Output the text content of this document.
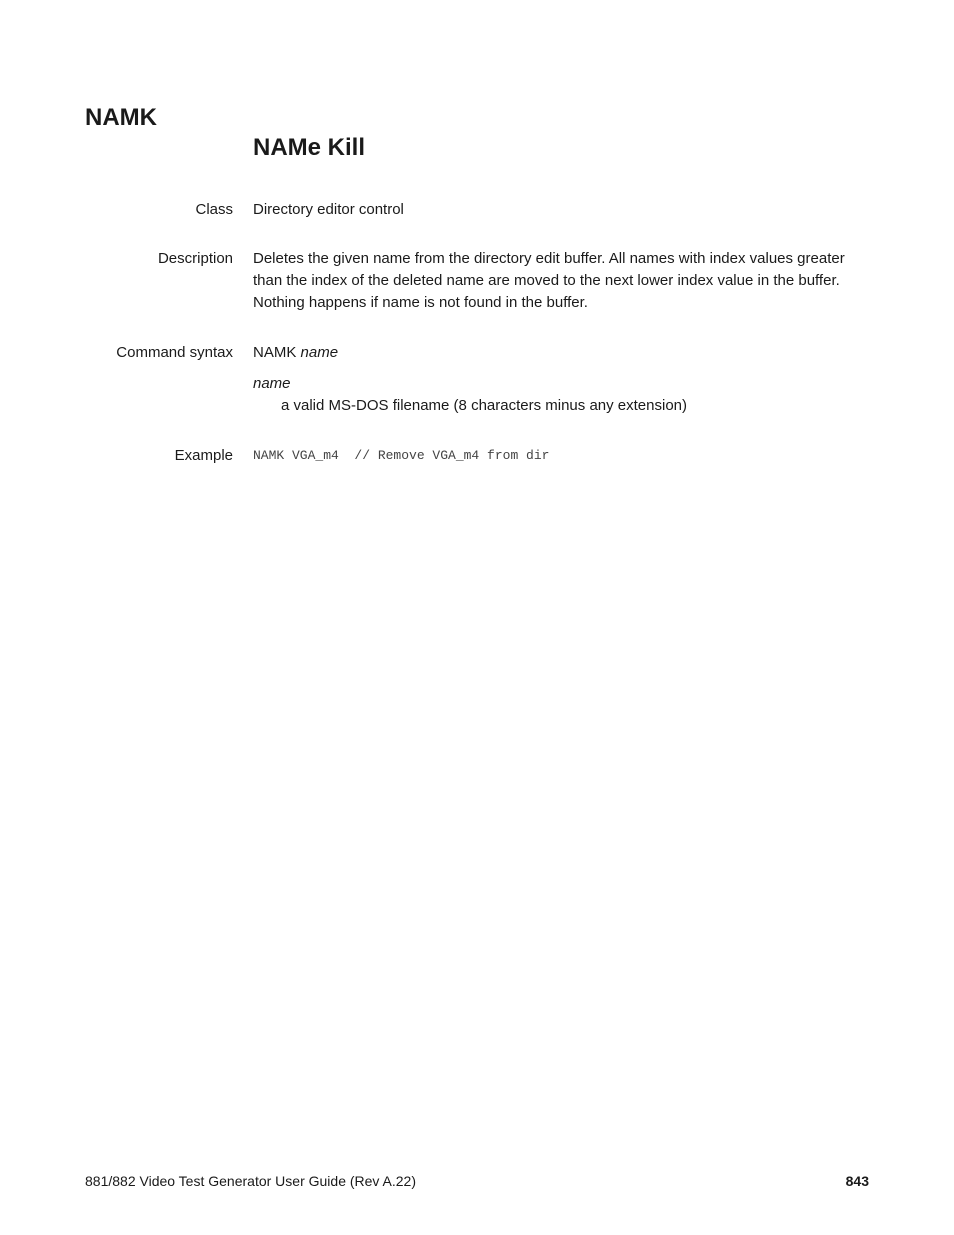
NAMK
NAMe Kill
Class Directory editor control
Description Deletes the given name from the directory edit buffer. All names with index values greater than the index of the deleted name are moved to the next lower index value in the buffer. Nothing happens if name is not found in the buffer.
Command syntax NAMK name
name
a valid MS-DOS filename (8 characters minus any extension)
Example NAMK VGA_m4  // Remove VGA_m4 from dir
881/882 Video Test Generator User Guide (Rev A.22)	843
